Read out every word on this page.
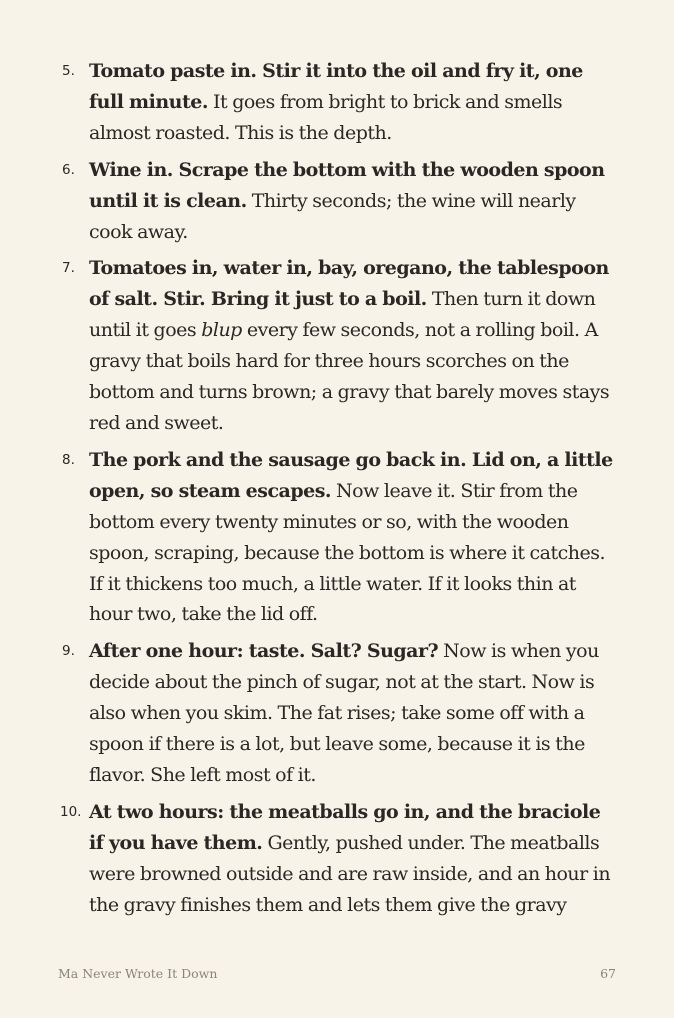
5. Tomato paste in. Stir it into the oil and fry it, one full minute. It goes from bright to brick and smells almost roasted. This is the depth.
6. Wine in. Scrape the bottom with the wooden spoon until it is clean. Thirty seconds; the wine will nearly cook away.
7. Tomatoes in, water in, bay, oregano, the tablespoon of salt. Stir. Bring it just to a boil. Then turn it down until it goes blup every few seconds, not a rolling boil. A gravy that boils hard for three hours scorches on the bottom and turns brown; a gravy that barely moves stays red and sweet.
8. The pork and the sausage go back in. Lid on, a little open, so steam escapes. Now leave it. Stir from the bottom every twenty minutes or so, with the wooden spoon, scraping, because the bottom is where it catches. If it thickens too much, a little water. If it looks thin at hour two, take the lid off.
9. After one hour: taste. Salt? Sugar? Now is when you decide about the pinch of sugar, not at the start. Now is also when you skim. The fat rises; take some off with a spoon if there is a lot, but leave some, because it is the flavor. She left most of it.
10. At two hours: the meatballs go in, and the braciole if you have them. Gently, pushed under. The meatballs were browned outside and are raw inside, and an hour in the gravy finishes them and lets them give the gravy
Ma Never Wrote It Down	67
